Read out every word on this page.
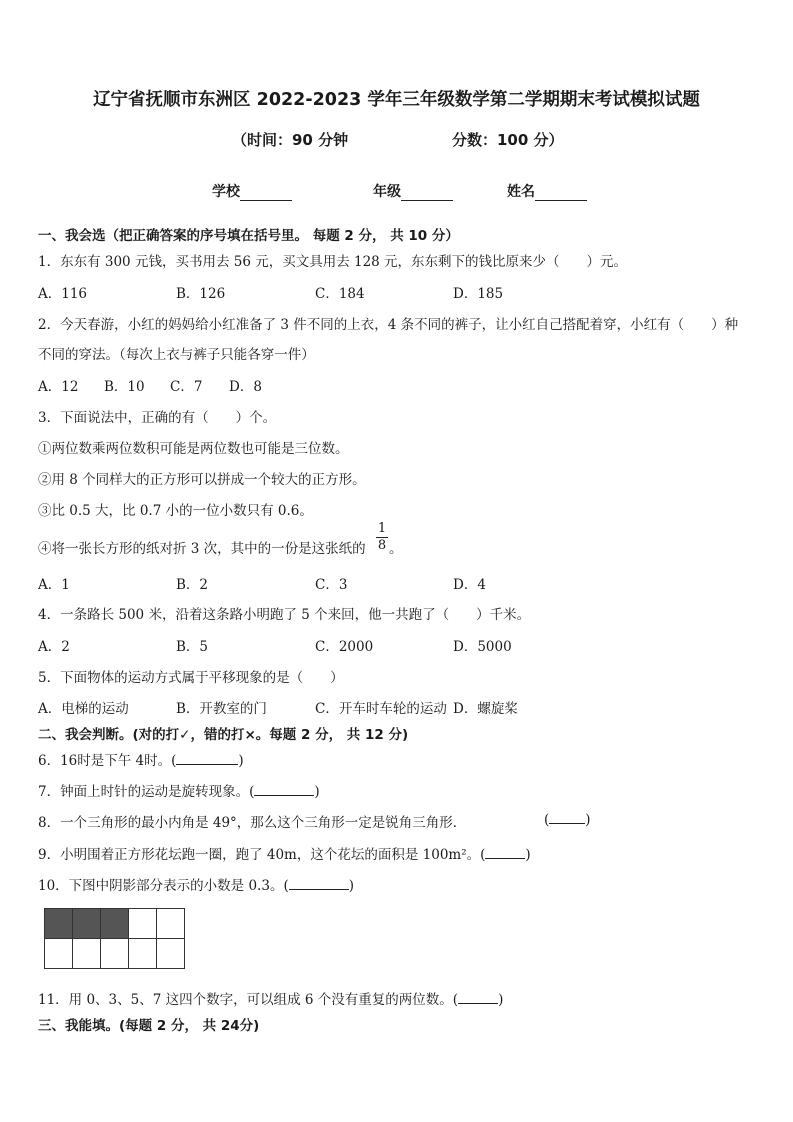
辽宁省抚顺市东洲区 2022-2023 学年三年级数学第二学期期末考试模拟试题
（时间：90 分钟	分数：100 分）
学校	年级	姓名
一、我会选（把正确答案的序号填在括号里。 每题 2 分， 共 10 分）
1．东东有 300 元钱，买书用去 56 元，买文具用去 128 元，东东剩下的钱比原来少（　　）元。
A．116	B．126	C．184	D．185
2．今天春游，小红的妈妈给小红准备了 3 件不同的上衣，4 条不同的裤子，让小红自己搭配着穿，小红有（　　）种
不同的穿法。（每次上衣与裤子只能各穿一件）
A．12 B．10 C．7 D．8
3．下面说法中，正确的有（　　）个。
①两位数乘两位数积可能是两位数也可能是三位数。
②用 8 个同样大的正方形可以拼成一个较大的正方形。
③比 0.5 大，比 0.7 小的一位小数只有 0.6。
④将一张长方形的纸对折 3 次，其中的一份是这张纸的
1
8 。
A．1	B．2	C．3	D．4
4．一条路长 500 米，沿着这条路小明跑了 5 个来回，他一共跑了（　　）千米。
A．2	B．5	C．2000	D．5000
5．下面物体的运动方式属于平移现象的是（　　）
A．电梯的运动	B．开教室的门	C．开车时车轮的运动 D．螺旋桨
二、我会判断。(对的打✓，错的打×。每题 2 分， 共 12 分)
6．16时是下午 4时。(	)
7．钟面上时针的运动是旋转现象。(	)
8．一个三角形的最小内角是 49°，那么这个三角形一定是锐角三角形．	(	)
9．小明围着正方形花坛跑一圈，跑了 40m，这个花坛的面积是 100m²。(	)
10．下图中阴影部分表示的小数是 0.3。(	)

11．用 0、3、5、7 这四个数字，可以组成 6 个没有重复的两位数。(	)
三、我能填。(每题 2 分， 共 24分)
